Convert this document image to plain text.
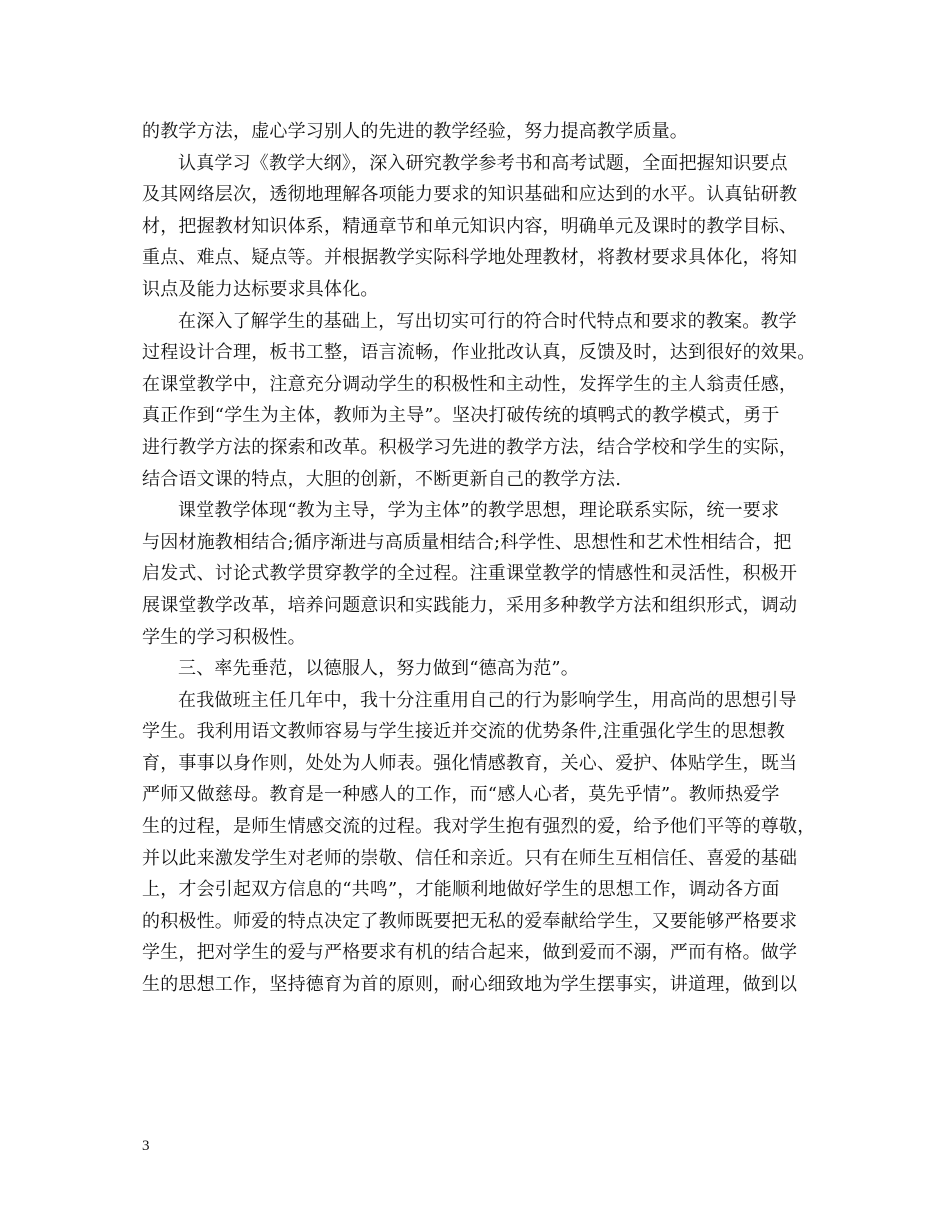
的教学方法，虚心学习别人的先进的教学经验，努力提高教学质量。
认真学习《教学大纲》，深入研究教学参考书和高考试题，全面把握知识要点
及其网络层次，透彻地理解各项能力要求的知识基础和应达到的水平。认真钻研教
材，把握教材知识体系，精通章节和单元知识内容，明确单元及课时的教学目标、
重点、难点、疑点等。并根据教学实际科学地处理教材，将教材要求具体化，将知
识点及能力达标要求具体化。
在深入了解学生的基础上，写出切实可行的符合时代特点和要求的教案。教学
过程设计合理，板书工整，语言流畅，作业批改认真，反馈及时，达到很好的效果。
在课堂教学中，注意充分调动学生的积极性和主动性，发挥学生的主人翁责任感，
真正作到“学生为主体，教师为主导”。坚决打破传统的填鸭式的教学模式，勇于
进行教学方法的探索和改革。积极学习先进的教学方法，结合学校和学生的实际，
结合语文课的特点，大胆的创新，不断更新自己的教学方法.
课堂教学体现“教为主导，学为主体”的教学思想，理论联系实际，统一要求
与因材施教相结合;循序渐进与高质量相结合;科学性、思想性和艺术性相结合，把
启发式、讨论式教学贯穿教学的全过程。注重课堂教学的情感性和灵活性，积极开
展课堂教学改革，培养问题意识和实践能力，采用多种教学方法和组织形式，调动
学生的学习积极性。
三、率先垂范，以德服人，努力做到“德高为范”。
在我做班主任几年中，我十分注重用自己的行为影响学生，用高尚的思想引导
学生。我利用语文教师容易与学生接近并交流的优势条件,注重强化学生的思想教
育，事事以身作则，处处为人师表。强化情感教育，关心、爱护、体贴学生，既当
严师又做慈母。教育是一种感人的工作，而“感人心者，莫先乎情”。教师热爱学
生的过程，是师生情感交流的过程。我对学生抱有强烈的爱，给予他们平等的尊敬，
并以此来激发学生对老师的崇敬、信任和亲近。只有在师生互相信任、喜爱的基础
上，才会引起双方信息的“共鸣”，才能顺利地做好学生的思想工作，调动各方面
的积极性。师爱的特点决定了教师既要把无私的爱奉献给学生，又要能够严格要求
学生，把对学生的爱与严格要求有机的结合起来，做到爱而不溺，严而有格。做学
生的思想工作，坚持德育为首的原则，耐心细致地为学生摆事实，讲道理，做到以
3
